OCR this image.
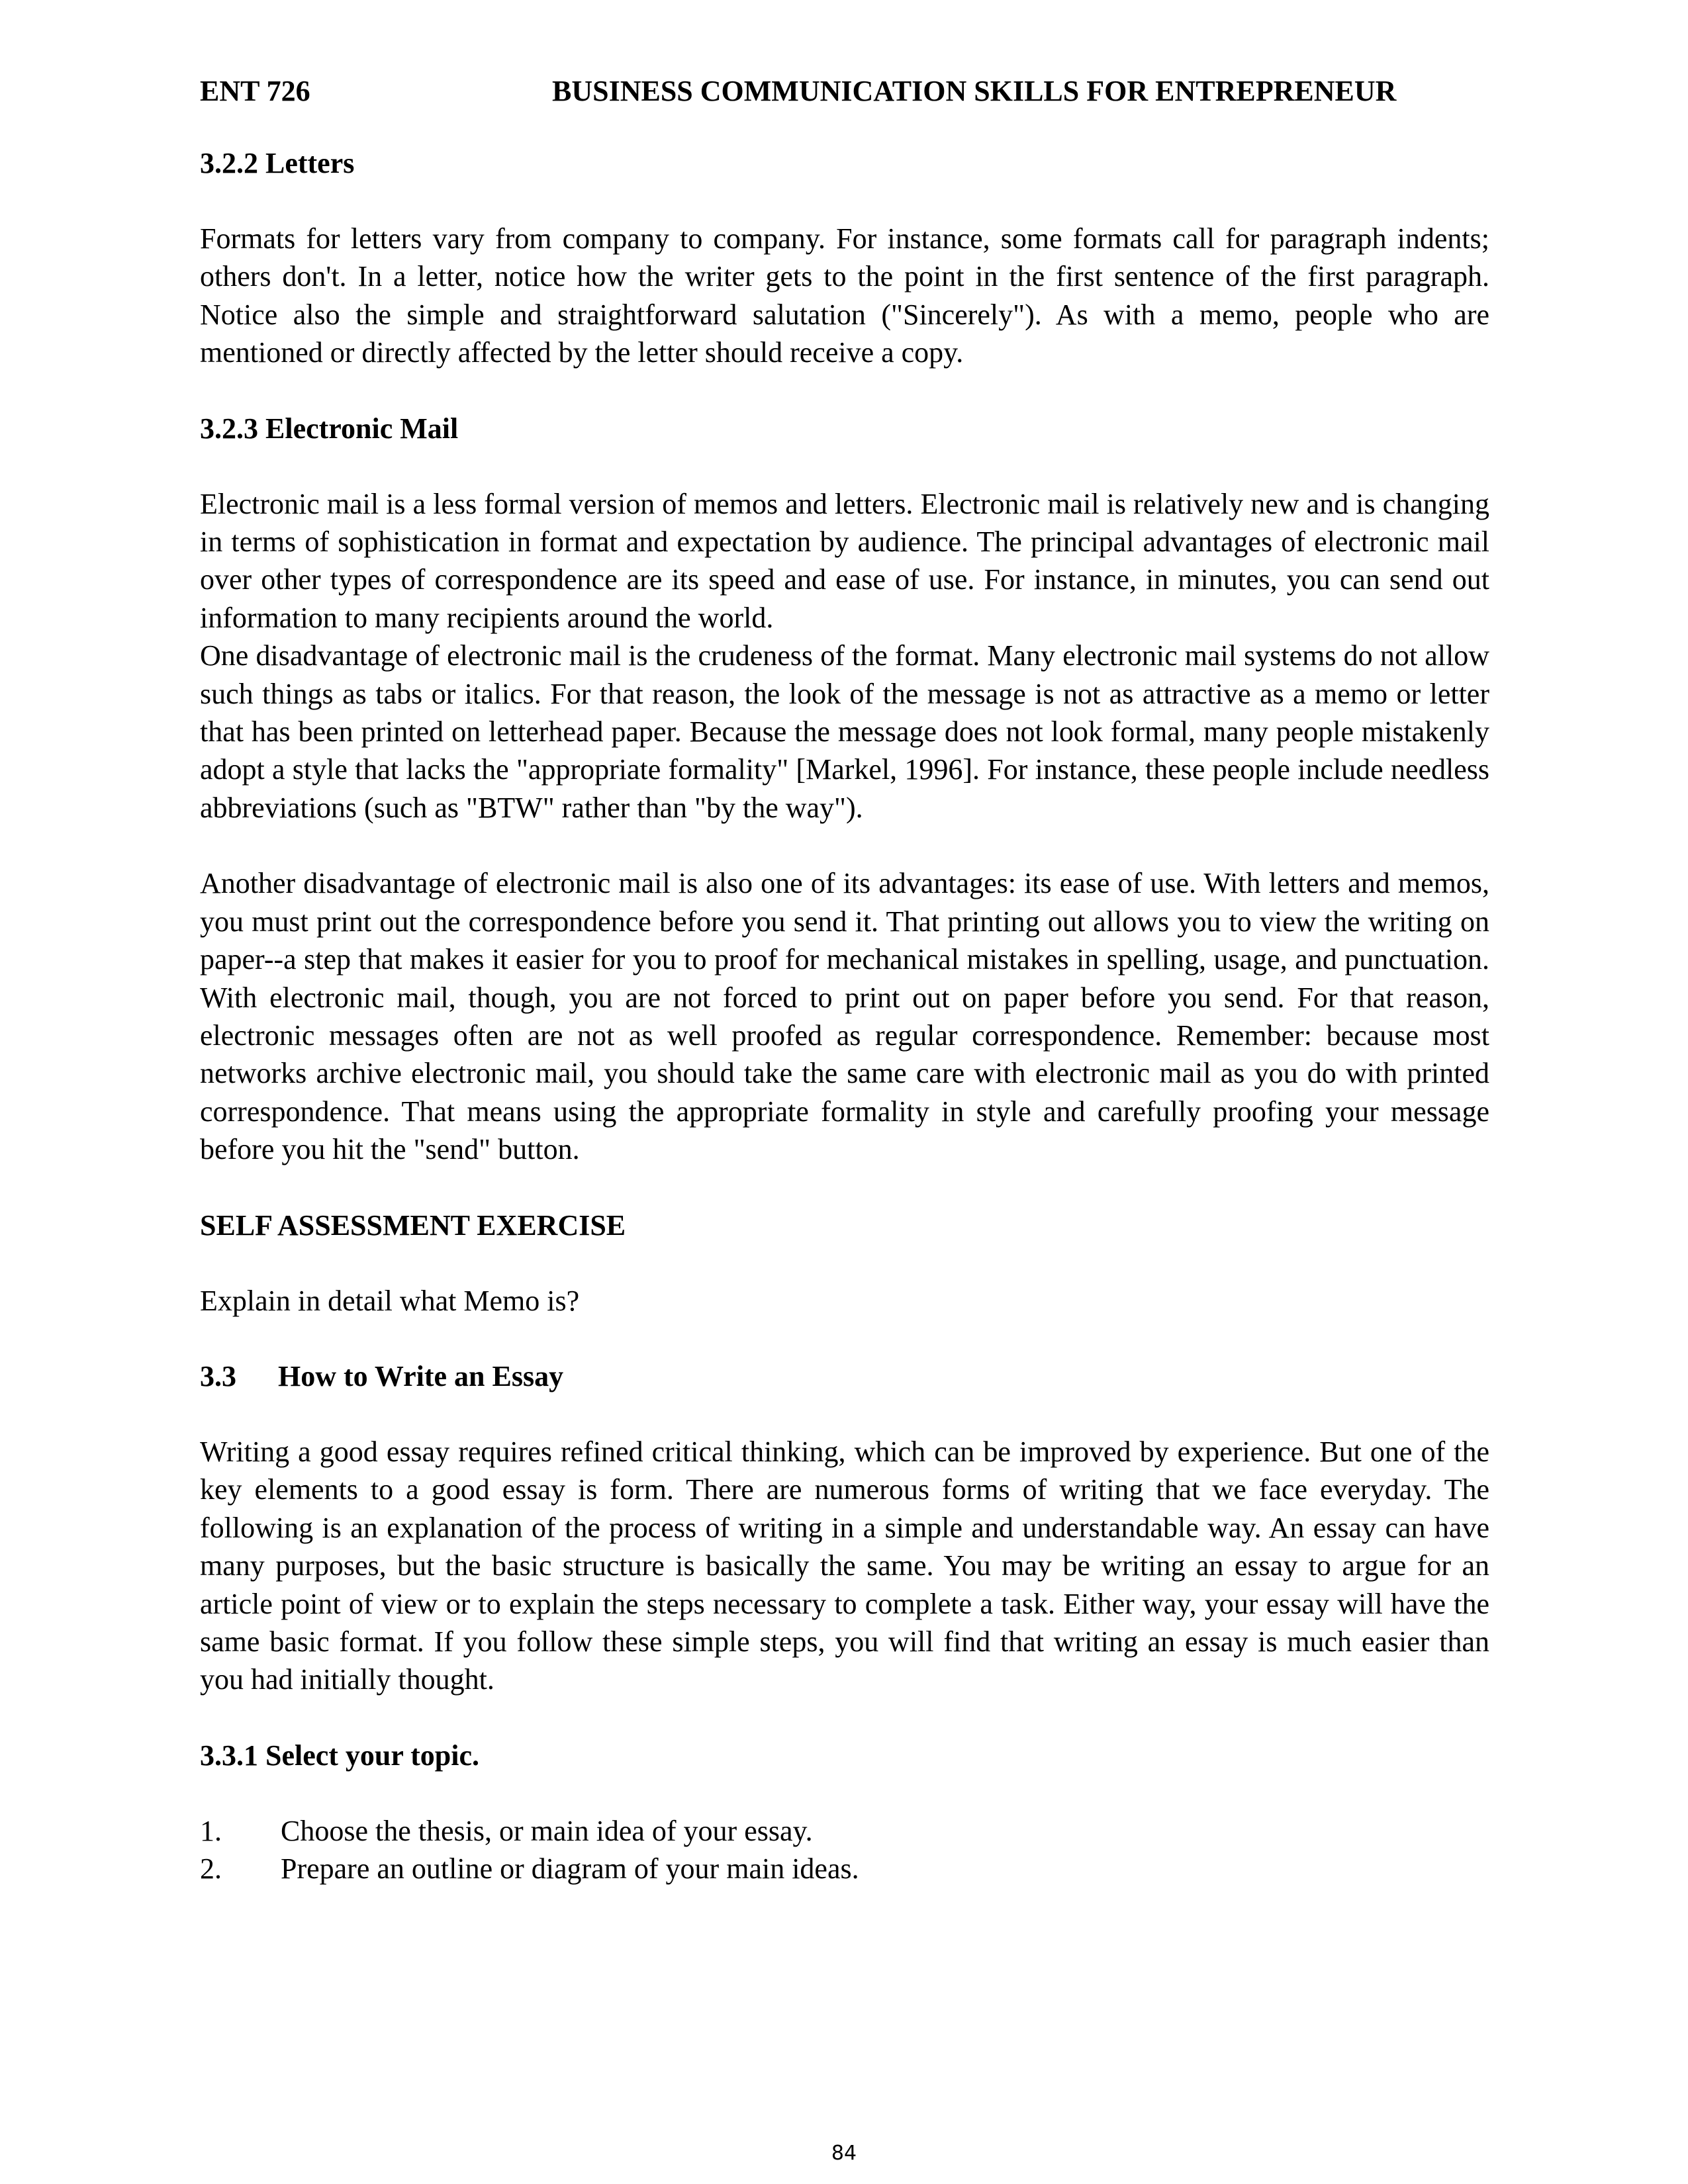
ENT 726	BUSINESS COMMUNICATION SKILLS FOR ENTREPRENEUR
3.2.2 Letters

Formats for letters vary from company to company. For instance, some formats call for paragraph indents; others don't. In a letter, notice how the writer gets to the point in the first sentence of the first paragraph. Notice also the simple and straightforward salutation ("Sincerely"). As with a memo, people who are mentioned or directly affected by the letter should receive a copy.

3.2.3 Electronic Mail

Electronic mail is a less formal version of memos and letters. Electronic mail is relatively new and is changing in terms of sophistication in format and expectation by audience. The principal advantages of electronic mail over other types of correspondence are its speed and ease of use. For instance, in minutes, you can send out information to many recipients around the world.

One disadvantage of electronic mail is the crudeness of the format. Many electronic mail systems do not allow such things as tabs or italics. For that reason, the look of the message is not as attractive as a memo or letter that has been printed on letterhead paper. Because the message does not look formal, many people mistakenly adopt a style that lacks the "appropriate formality" [Markel, 1996]. For instance, these people include needless abbreviations (such as "BTW" rather than "by the way").

Another disadvantage of electronic mail is also one of its advantages: its ease of use. With letters and memos, you must print out the correspondence before you send it. That printing out allows you to view the writing on paper--a step that makes it easier for you to proof for mechanical mistakes in spelling, usage, and punctuation. With electronic mail, though, you are not forced to print out on paper before you send. For that reason, electronic messages often are not as well proofed as regular correspondence. Remember: because most networks archive electronic mail, you should take the same care with electronic mail as you do with printed correspondence. That means using the appropriate formality in style and carefully proofing your message before you hit the "send" button.

SELF ASSESSMENT EXERCISE

Explain in detail what Memo is?

3.3 How to Write an Essay

Writing a good essay requires refined critical thinking, which can be improved by experience. But one of the key elements to a good essay is form. There are numerous forms of writing that we face everyday. The following is an explanation of the process of writing in a simple and understandable way. An essay can have many purposes, but the basic structure is basically the same. You may be writing an essay to argue for an article point of view or to explain the steps necessary to complete a task. Either way, your essay will have the same basic format. If you follow these simple steps, you will find that writing an essay is much easier than you had initially thought.

3.3.1 Select your topic.
1.	Choose the thesis, or main idea of your essay.
2.	Prepare an outline or diagram of your main ideas.
84
